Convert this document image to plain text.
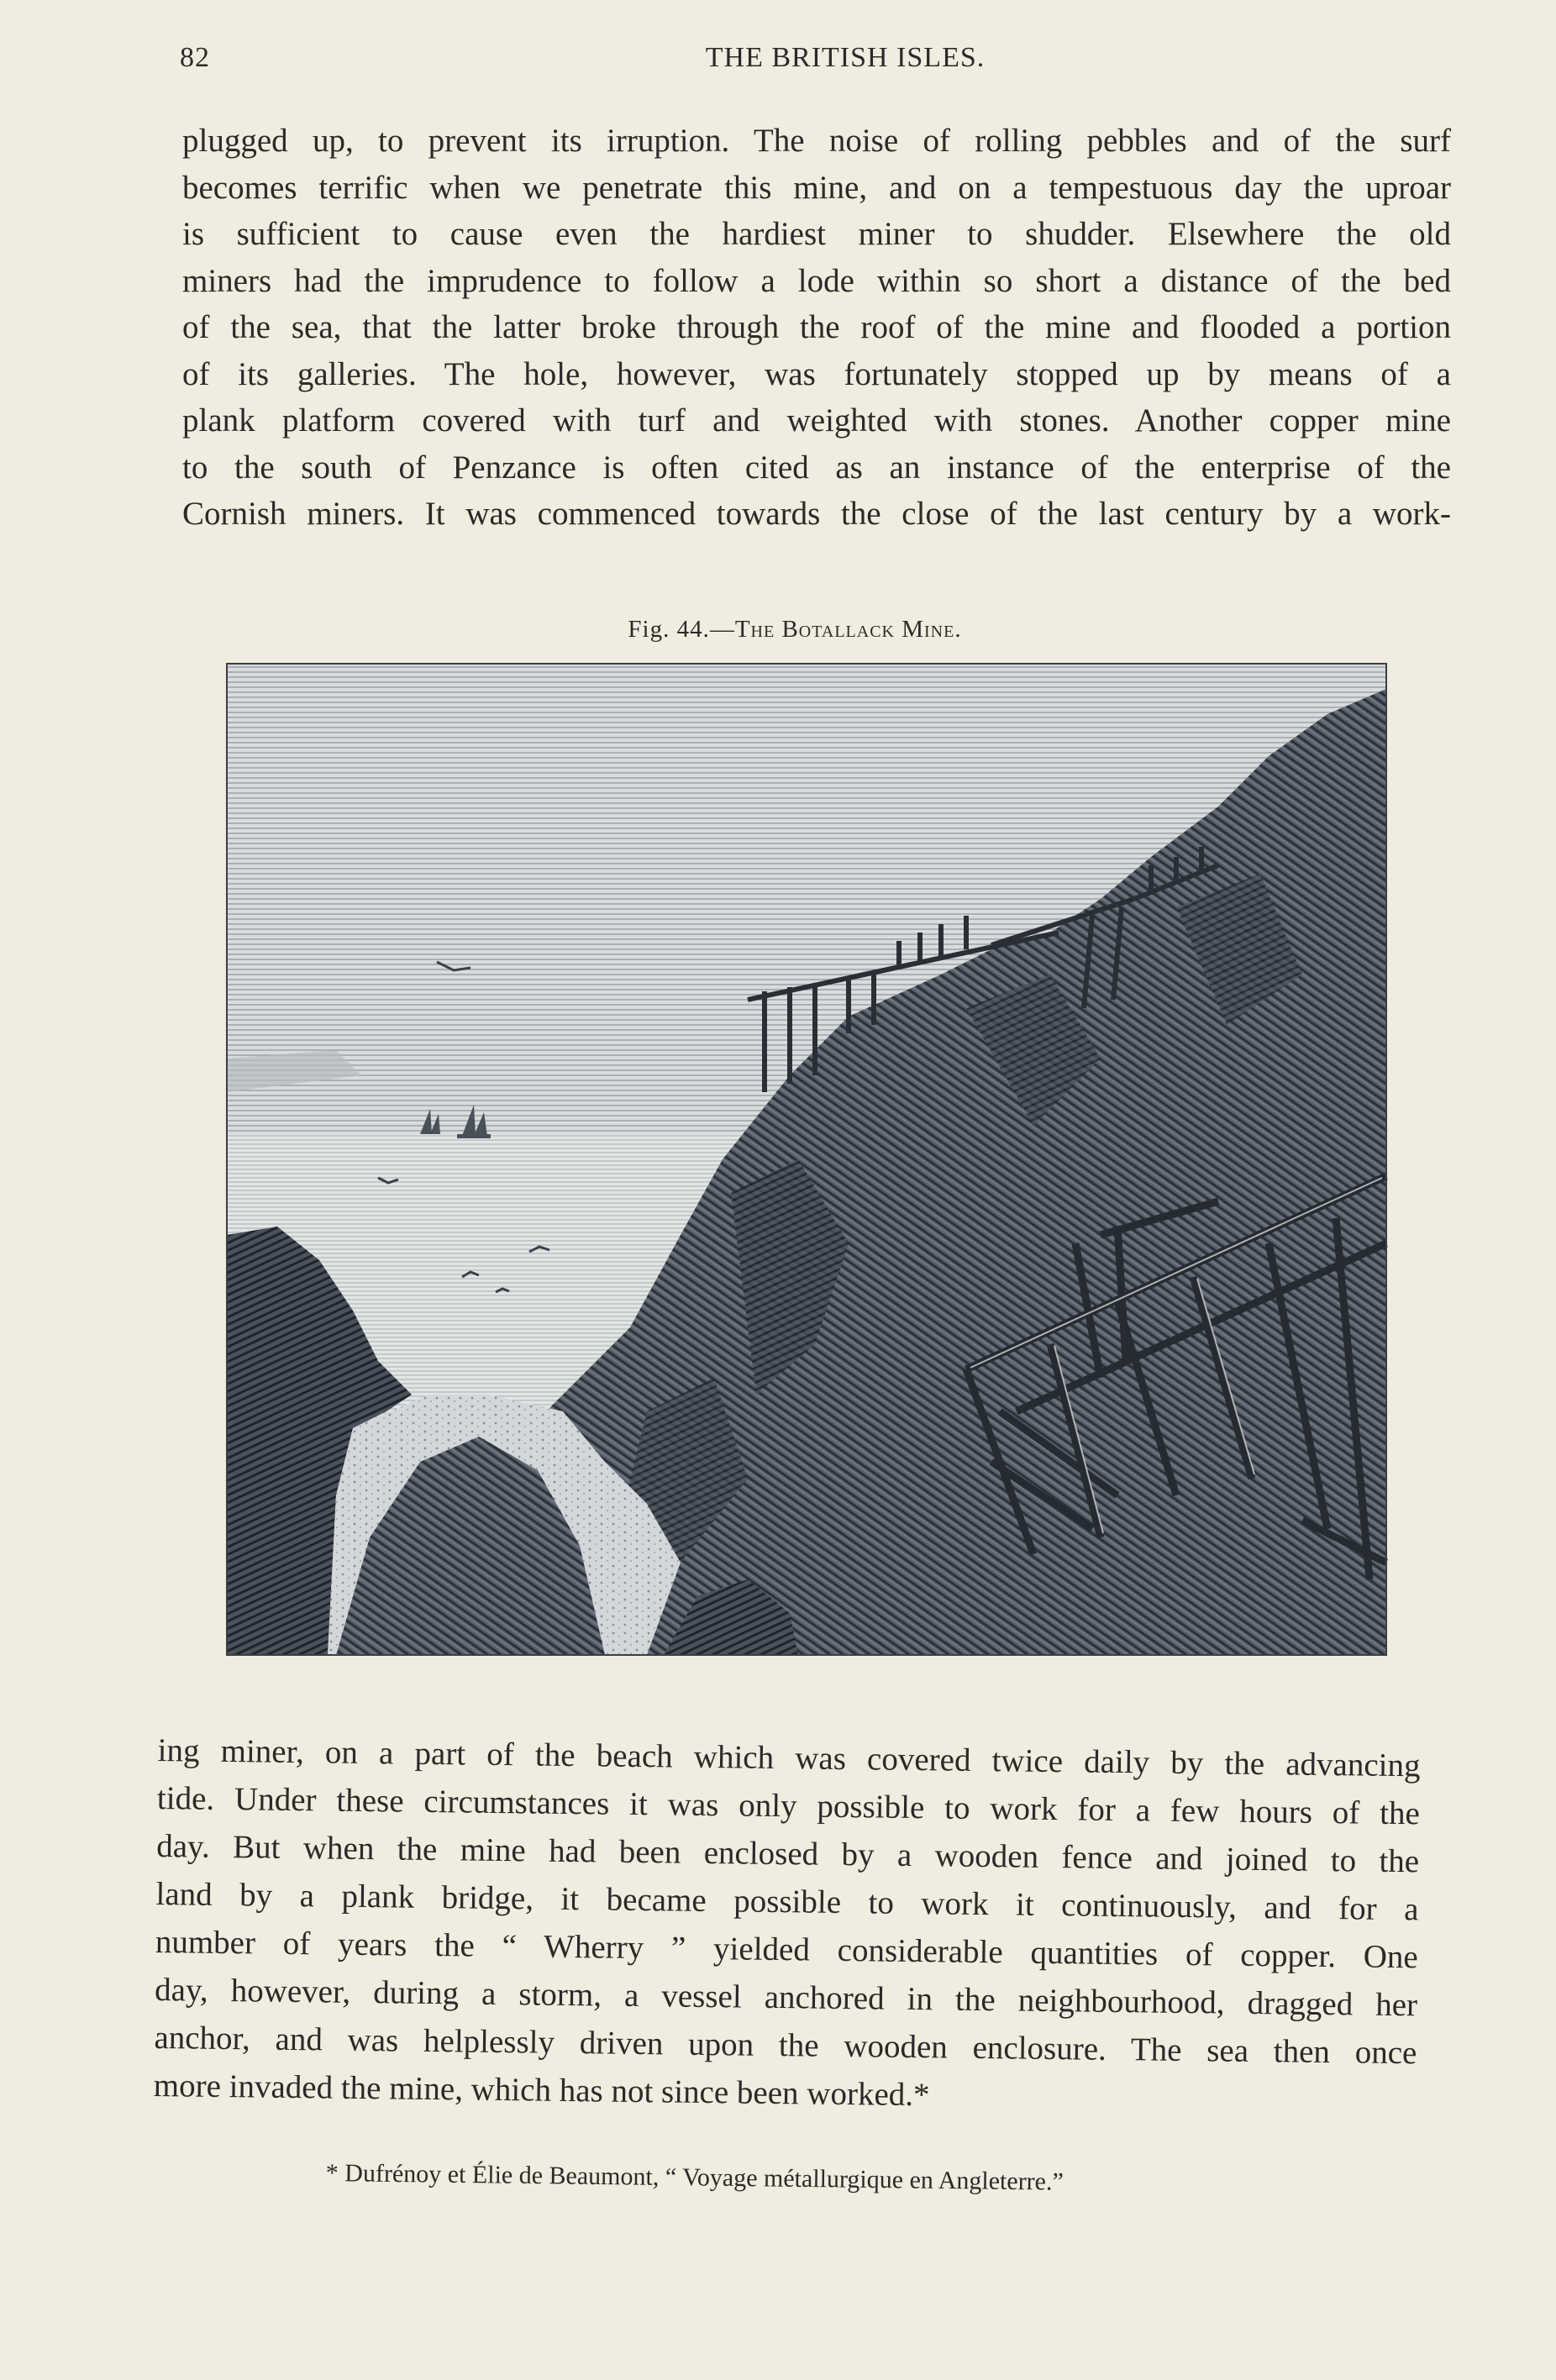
82	THE BRITISH ISLES.
plugged up, to prevent its irruption. The noise of rolling pebbles and of the surf
becomes terrific when we penetrate this mine, and on a tempestuous day the uproar
is sufficient to cause even the hardiest miner to shudder. Elsewhere the old
miners had the imprudence to follow a lode within so short a distance of the bed
of the sea, that the latter broke through the roof of the mine and flooded a portion
of its galleries. The hole, however, was fortunately stopped up by means of a
plank platform covered with turf and weighted with stones. Another copper mine
to the south of Penzance is often cited as an instance of the enterprise of the
Cornish miners. It was commenced towards the close of the last century by a work-
Fig. 44.—The Botallack Mine.
ing miner, on a part of the beach which was covered twice daily by the advancing
tide. Under these circumstances it was only possible to work for a few hours of the
day. But when the mine had been enclosed by a wooden fence and joined to the
land by a plank bridge, it became possible to work it continuously, and for a
number of years the “ Wherry ” yielded considerable quantities of copper. One
day, however, during a storm, a vessel anchored in the neighbourhood, dragged her
anchor, and was helplessly driven upon the wooden enclosure. The sea then once
more invaded the mine, which has not since been worked.*
* Dufrénoy et Élie de Beaumont, “ Voyage métallurgique en Angleterre.”
